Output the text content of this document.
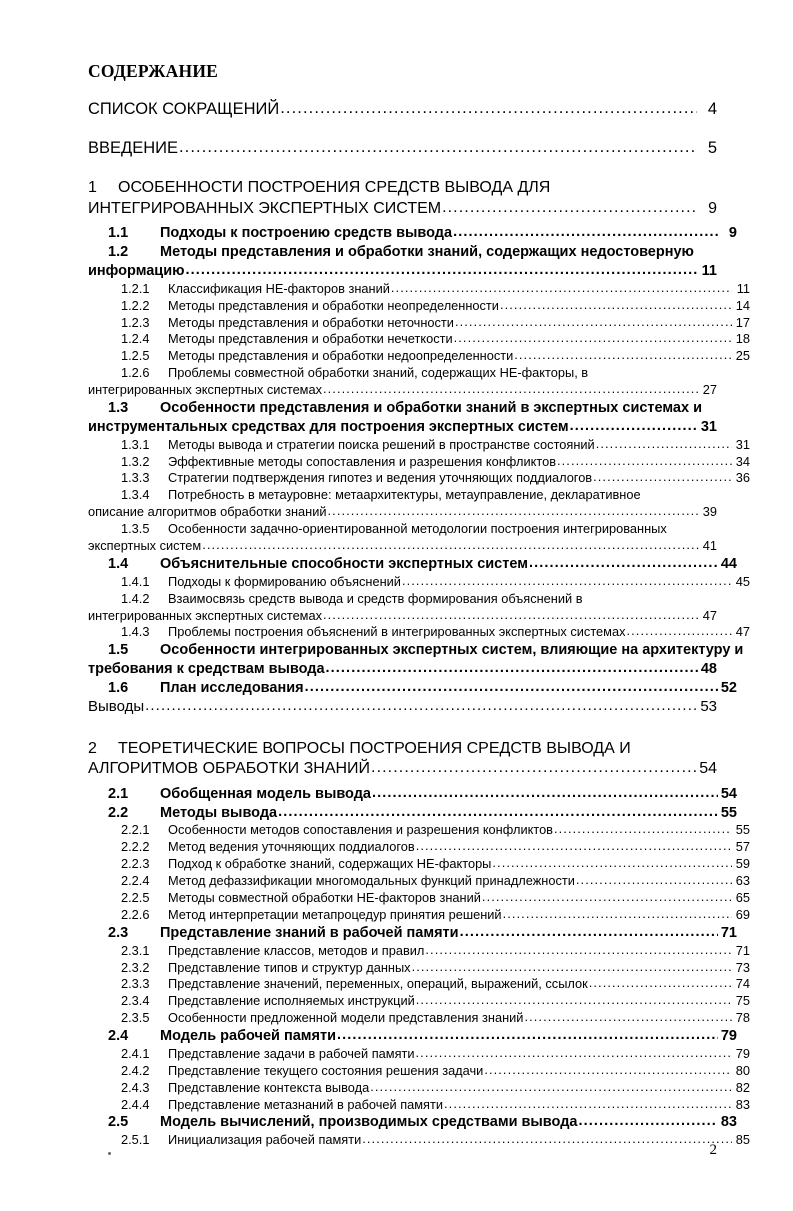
СОДЕРЖАНИЕ
СПИСОК СОКРАЩЕНИЙ .....	4
ВВЕДЕНИЕ .....	5
1	ОСОБЕННОСТИ ПОСТРОЕНИЯ СРЕДСТВ ВЫВОДА ДЛЯ
ИНТЕГРИРОВАННЫХ ЭКСПЕРТНЫХ СИСТЕМ .....	9
1.1	Подходы к построению средств вывода .....	9
1.2	Методы представления и обработки знаний, содержащих недостоверную
информацию .....	11
1.2.1	Классификация НЕ-факторов знаний .....	11
1.2.2	Методы представления и обработки неопределенности .....	14
1.2.3	Методы представления и обработки неточности .....	17
1.2.4	Методы представления и обработки нечеткости .....	18
1.2.5	Методы представления и обработки недоопределенности .....	25
1.2.6	Проблемы совместной обработки знаний, содержащих НЕ-факторы, в
интегрированных экспертных системах .....	27
1.3	Особенности представления и обработки знаний в экспертных системах и
инструментальных средствах для построения экспертных систем .....	31
1.3.1	Методы вывода и стратегии поиска решений в пространстве состояний .....	31
1.3.2	Эффективные методы сопоставления и разрешения конфликтов .....	34
1.3.3	Стратегии подтверждения гипотез и ведения уточняющих поддиалогов .....	36
1.3.4	Потребность в метауровне: метаархитектуры, метауправление, декларативное
описание алгоритмов обработки знаний .....	39
1.3.5	Особенности задачно-ориентированной методологии построения интегрированных
экспертных систем .....	41
1.4	Объяснительные способности экспертных систем .....	44
1.4.1	Подходы к формированию объяснений .....	45
1.4.2	Взаимосвязь средств вывода и средств формирования объяснений в
интегрированных экспертных системах .....	47
1.4.3	Проблемы построения объяснений в интегрированных экспертных системах .....	47
1.5	Особенности интегрированных экспертных систем, влияющие на архитектуру и
требования к средствам вывода .....	48
1.6	План исследования .....	52
Выводы .....	53
2	ТЕОРЕТИЧЕСКИЕ ВОПРОСЫ ПОСТРОЕНИЯ СРЕДСТВ ВЫВОДА И
АЛГОРИТМОВ ОБРАБОТКИ ЗНАНИЙ .....	54
2.1	Обобщенная модель вывода .....	54
2.2	Методы вывода .....	55
2.2.1	Особенности методов сопоставления и разрешения конфликтов .....	55
2.2.2	Метод ведения уточняющих поддиалогов .....	57
2.2.3	Подход к обработке знаний, содержащих НЕ-факторы .....	59
2.2.4	Метод дефаззификации многомодальных функций принадлежности .....	63
2.2.5	Методы совместной обработки НЕ-факторов знаний .....	65
2.2.6	Метод интерпретации метапроцедур принятия решений .....	69
2.3	Представление знаний в рабочей памяти .....	71
2.3.1	Представление классов, методов и правил .....	71
2.3.2	Представление типов и структур данных .....	73
2.3.3	Представление значений, переменных, операций, выражений, ссылок .....	74
2.3.4	Представление исполняемых инструкций .....	75
2.3.5	Особенности предложенной модели представления знаний .....	78
2.4	Модель рабочей памяти .....	79
2.4.1	Представление задачи в рабочей памяти .....	79
2.4.2	Представление текущего состояния решения задачи .....	80
2.4.3	Представление контекста вывода .....	82
2.4.4	Представление метазнаний в рабочей памяти .....	83
2.5	Модель вычислений, производимых средствами вывода .....	83
2.5.1	Инициализация рабочей памяти .....	85
2
